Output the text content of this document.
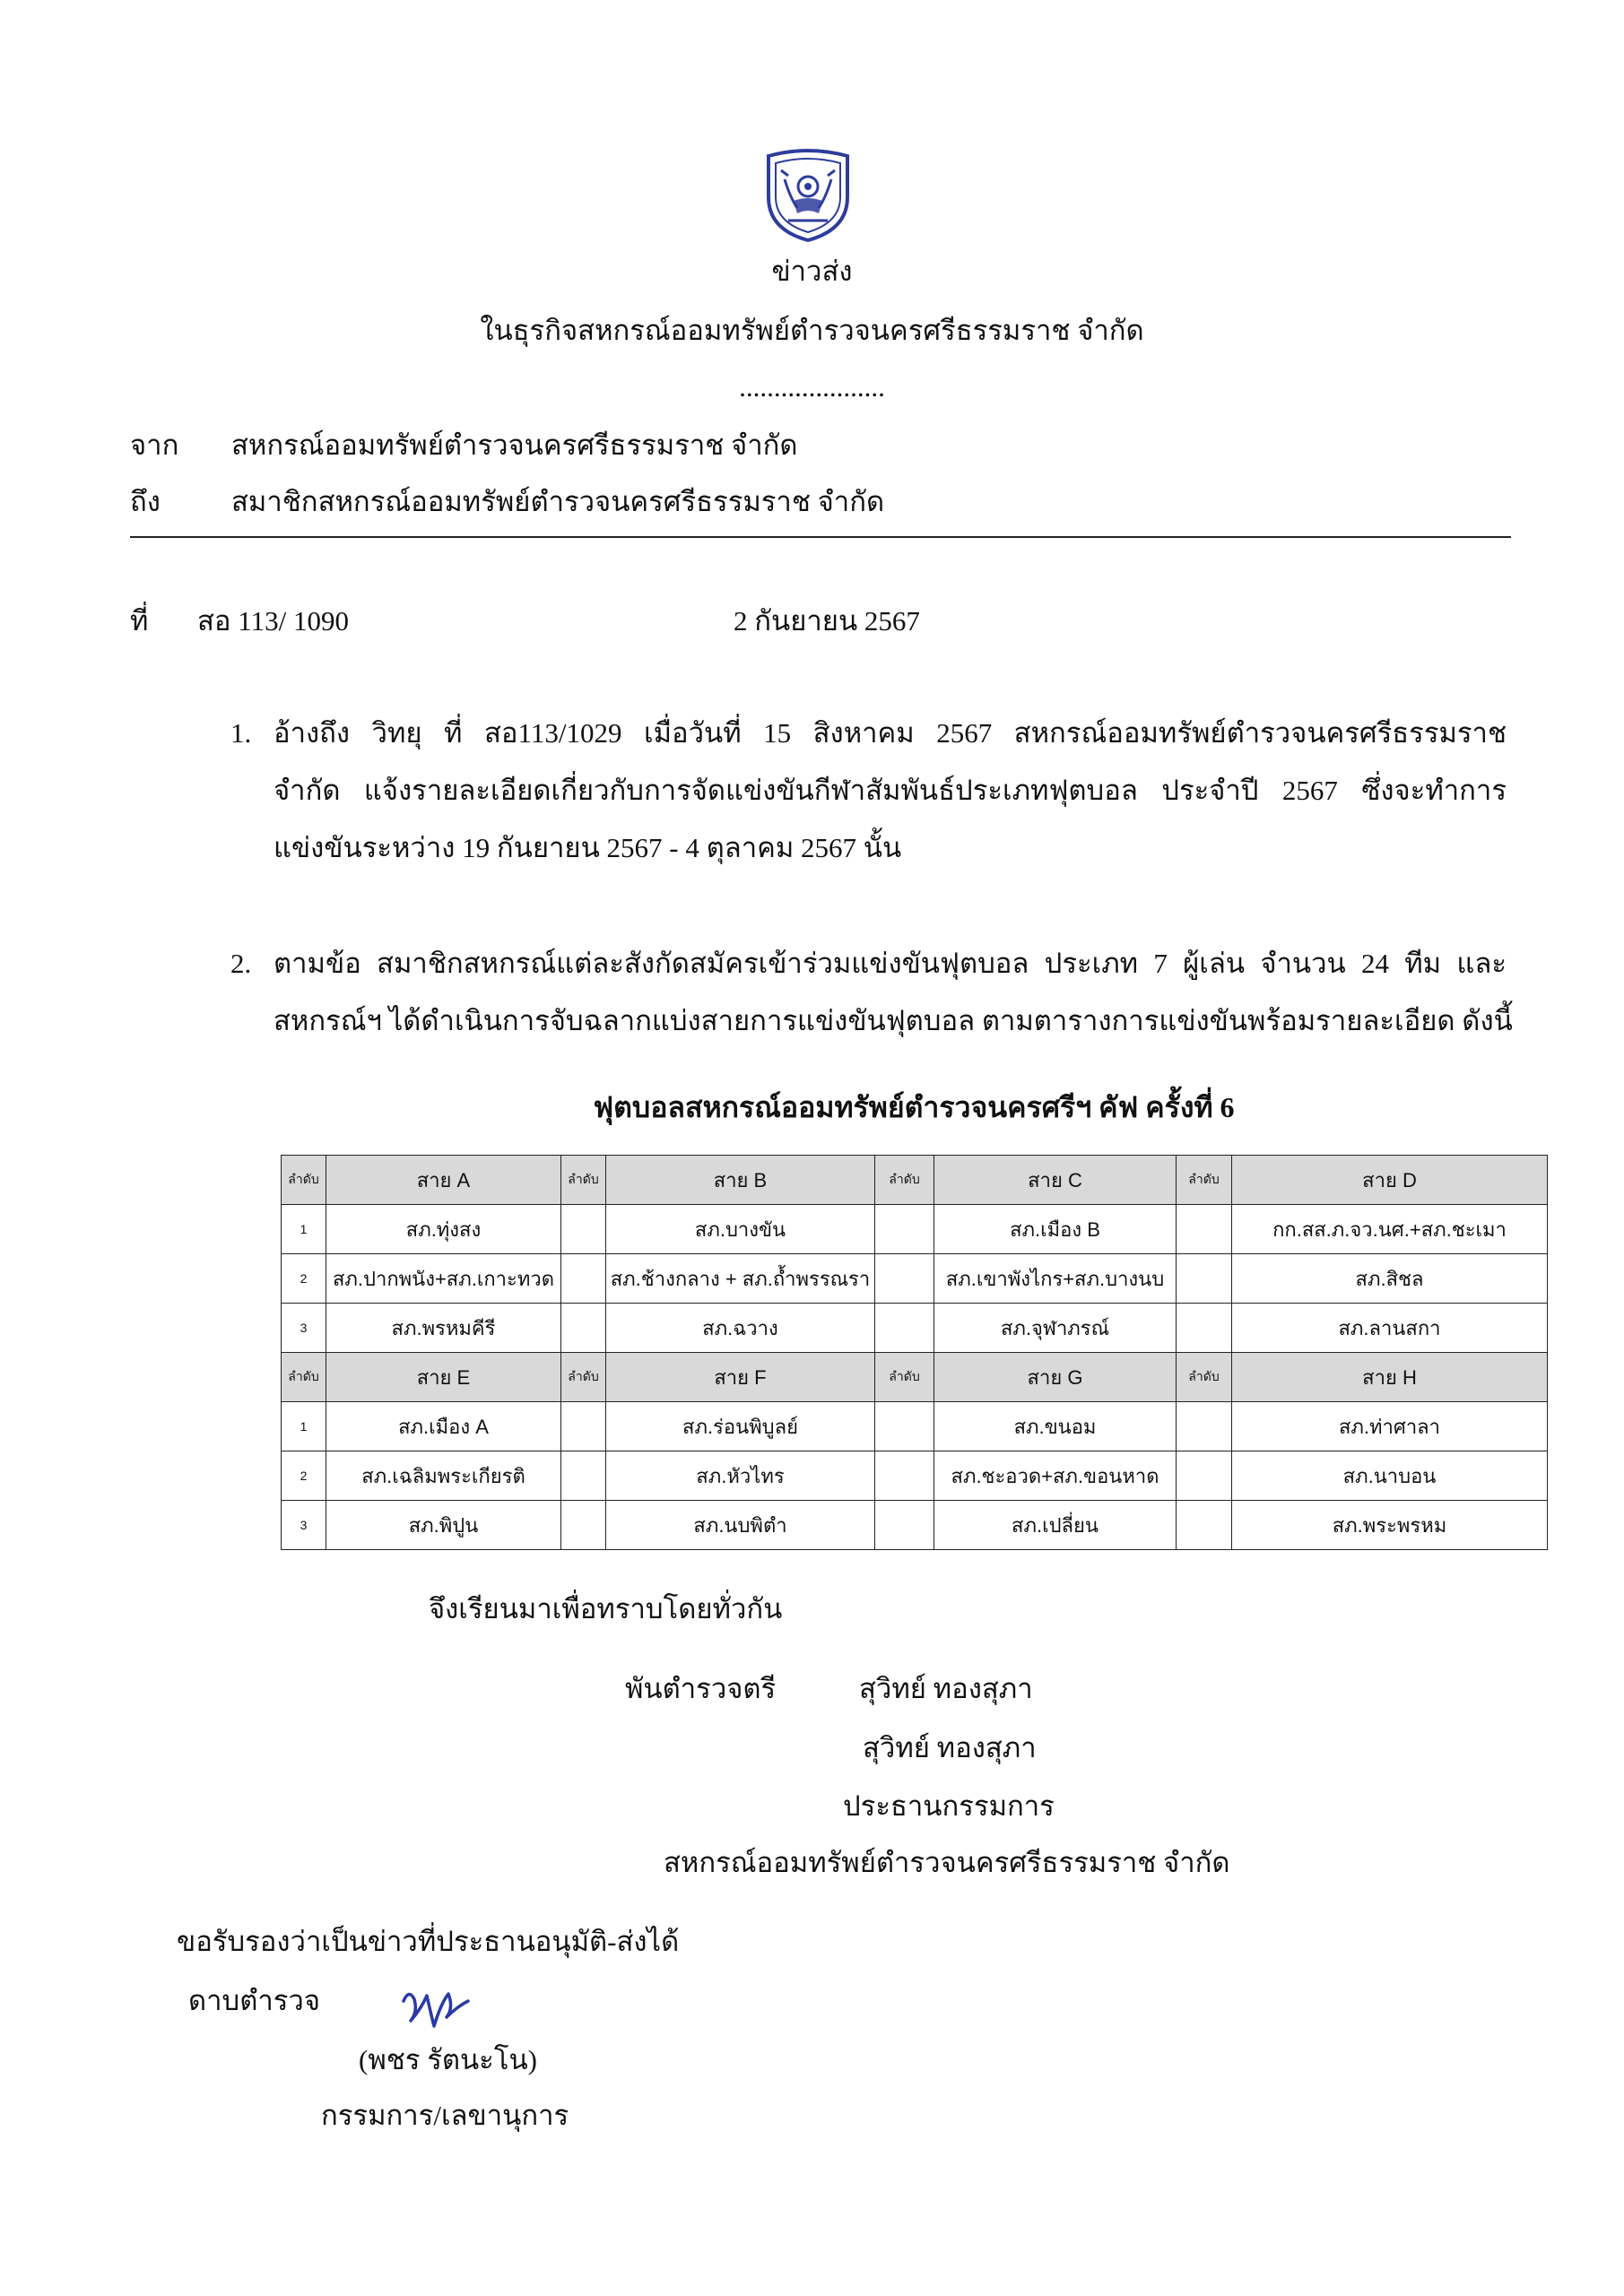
ข่าวส่ง
ในธุรกิจสหกรณ์ออมทรัพย์ตำรวจนครศรีธรรมราช จำกัด
.....................
จาก สหกรณ์ออมทรัพย์ตำรวจนครศรีธรรมราช จำกัด
ถึง	สมาชิกสหกรณ์ออมทรัพย์ตำรวจนครศรีธรรมราช จำกัด
ที่ สอ 113/ 1090	2 กันยายน 2567
1. อ้างถึง วิทยุ ที่ สอ113/1029 เมื่อวันที่ 15 สิงหาคม 2567 สหกรณ์ออมทรัพย์ตำรวจนครศรีธรรมราช
จำกัด แจ้งรายละเอียดเกี่ยวกับการจัดแข่งขันกีฬาสัมพันธ์ประเภทฟุตบอล ประจำปี 2567 ซึ่งจะทำการ
แข่งขันระหว่าง 19 กันยายน 2567 - 4 ตุลาคม 2567 นั้น
2. ตามข้อ สมาชิกสหกรณ์แต่ละสังกัดสมัครเข้าร่วมแข่งขันฟุตบอล ประเภท 7 ผู้เล่น จำนวน 24 ทีม และ
สหกรณ์ฯ ได้ดำเนินการจับฉลากแบ่งสายการแข่งขันฟุตบอล ตามตารางการแข่งขันพร้อมรายละเอียด ดังนี้
ฟุตบอลสหกรณ์ออมทรัพย์ตำรวจนครศรีฯ คัฟ ครั้งที่ 6
ลำดับ	สาย A	ลำดับ	สาย B	ลำดับ	สาย C	ลำดับ	สาย D
1	สภ.ทุ่งสง		สภ.บางขัน		สภ.เมือง B		กก.สส.ภ.จว.นศ.+สภ.ชะเมา
2	สภ.ปากพนัง+สภ.เกาะทวด		สภ.ช้างกลาง + สภ.ถ้ำพรรณรา		สภ.เขาพังไกร+สภ.บางนบ		สภ.สิชล
3	สภ.พรหมคีรี		สภ.ฉวาง		สภ.จุฬาภรณ์		สภ.ลานสกา
ลำดับ	สาย E	ลำดับ	สาย F	ลำดับ	สาย G	ลำดับ	สาย H
1	สภ.เมือง A		สภ.ร่อนพิบูลย์		สภ.ขนอม		สภ.ท่าศาลา
2	สภ.เฉลิมพระเกียรติ		สภ.หัวไทร		สภ.ชะอวด+สภ.ขอนหาด		สภ.นาบอน
3	สภ.พิปูน		สภ.นบพิตำ		สภ.เปลี่ยน		สภ.พระพรหม
จึงเรียนมาเพื่อทราบโดยทั่วกัน
พันตำรวจตรี	สุวิทย์ ทองสุภา
สุวิทย์ ทองสุภา
ประธานกรรมการ
สหกรณ์ออมทรัพย์ตำรวจนครศรีธรรมราช จำกัด
ขอรับรองว่าเป็นข่าวที่ประธานอนุมัติ-ส่งได้
ดาบตำรวจ
(พชร รัตนะโน)
กรรมการ/เลขานุการ
